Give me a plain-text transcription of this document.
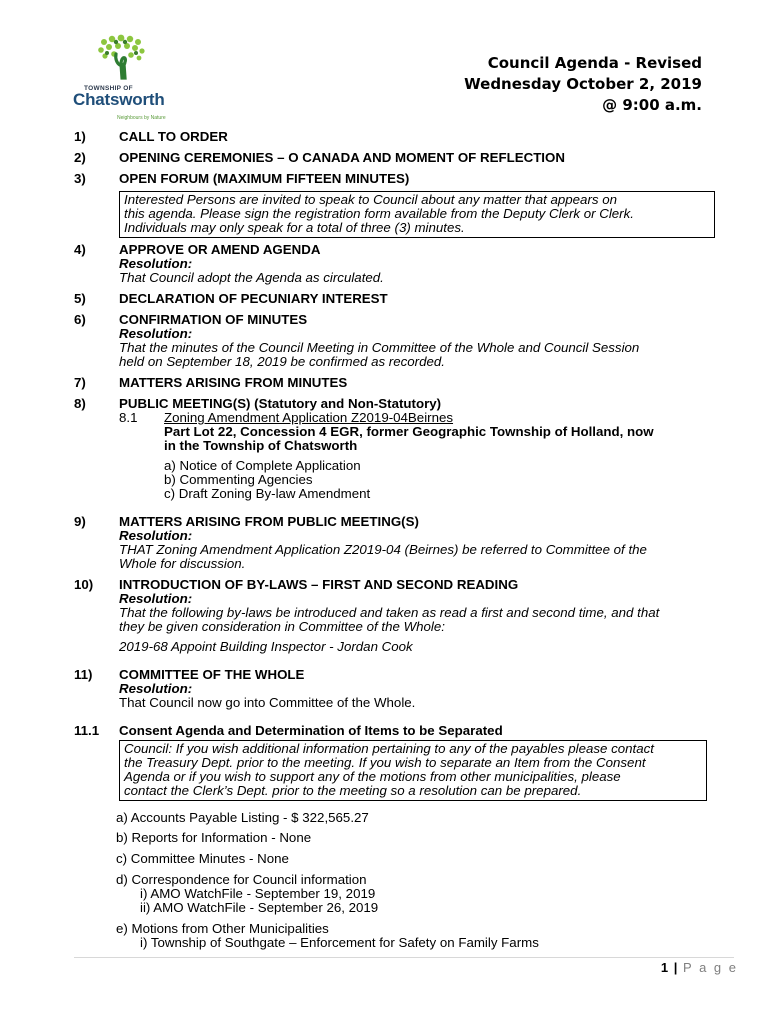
TOWNSHIP OF
Chatsworth
Neighbours by Nature
Council Agenda - Revised
Wednesday October 2, 2019
@ 9:00 a.m.
1) CALL TO ORDER
2) OPENING CEREMONIES – O CANADA AND MOMENT OF REFLECTION
3) OPEN FORUM (MAXIMUM FIFTEEN MINUTES)
Interested Persons are invited to speak to Council about any matter that appears on
this agenda. Please sign the registration form available from the Deputy Clerk or Clerk.
Individuals may only speak for a total of three (3) minutes.
4) APPROVE OR AMEND AGENDA
Resolution:
That Council adopt the Agenda as circulated.
5) DECLARATION OF PECUNIARY INTEREST
6) CONFIRMATION OF MINUTES
Resolution:
That the minutes of the Council Meeting in Committee of the Whole and Council Session
held on September 18, 2019 be confirmed as recorded.
7) MATTERS ARISING FROM MINUTES
8) PUBLIC MEETING(S) (Statutory and Non-Statutory)
8.1 Zoning Amendment Application Z2019-04Beirnes
Part Lot 22, Concession 4 EGR, former Geographic Township of Holland, now
in the Township of Chatsworth
a) Notice of Complete Application
b) Commenting Agencies
c) Draft Zoning By-law Amendment
9) MATTERS ARISING FROM PUBLIC MEETING(S)
Resolution:
THAT Zoning Amendment Application Z2019-04 (Beirnes) be referred to Committee of the
Whole for discussion.
10) INTRODUCTION OF BY-LAWS – FIRST AND SECOND READING
Resolution:
That the following by-laws be introduced and taken as read a first and second time, and that
they be given consideration in Committee of the Whole:
2019-68 Appoint Building Inspector - Jordan Cook
11) COMMITTEE OF THE WHOLE
Resolution:
That Council now go into Committee of the Whole.
11.1 Consent Agenda and Determination of Items to be Separated
Council: If you wish additional information pertaining to any of the payables please contact
the Treasury Dept. prior to the meeting. If you wish to separate an Item from the Consent
Agenda or if you wish to support any of the motions from other municipalities, please
contact the Clerk’s Dept. prior to the meeting so a resolution can be prepared.
a) Accounts Payable Listing - $ 322,565.27
b) Reports for Information - None
c) Committee Minutes - None
d) Correspondence for Council information
i) AMO WatchFile - September 19, 2019
ii) AMO WatchFile - September 26, 2019
e) Motions from Other Municipalities
i) Township of Southgate – Enforcement for Safety on Family Farms
1 | P a g e
